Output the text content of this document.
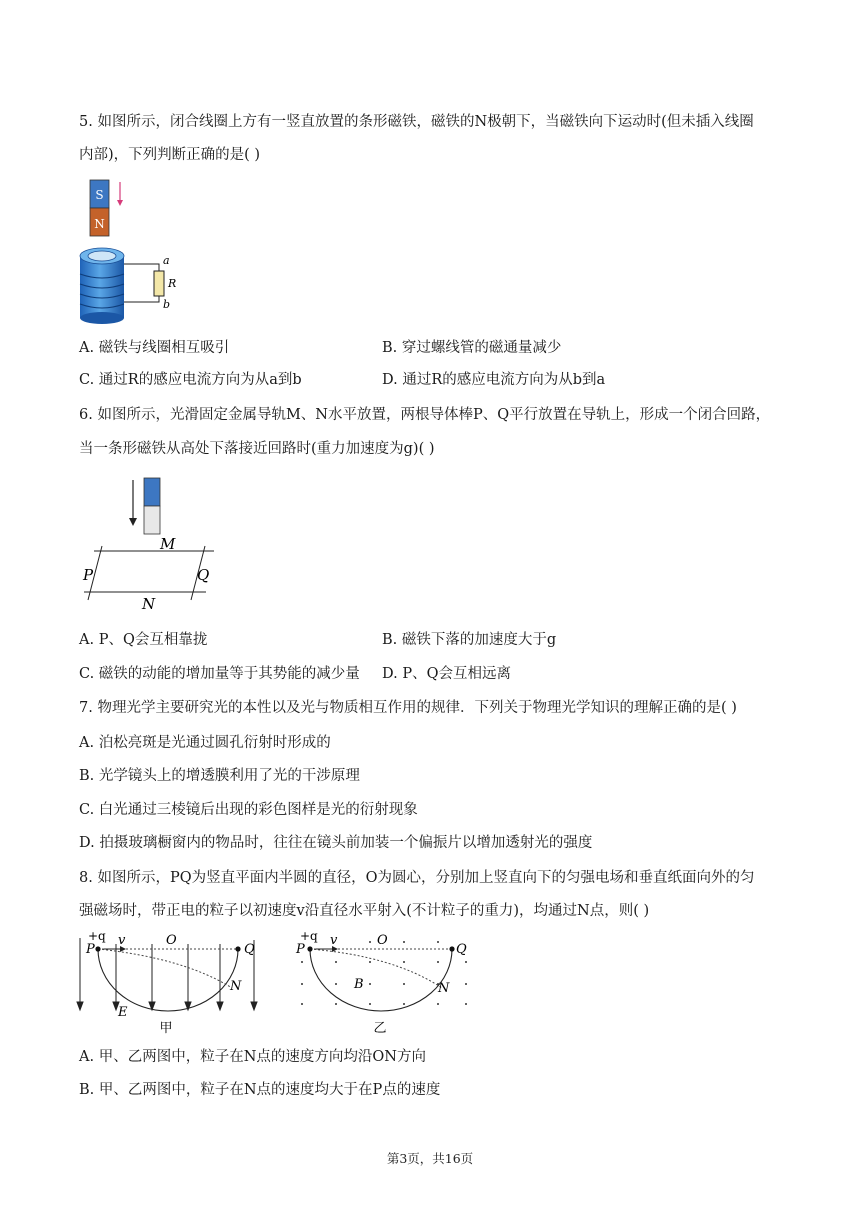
5. 如图所示，闭合线圈上方有一竖直放置的条形磁铁，磁铁的N极朝下，当磁铁向下运动时(但未插入线圈
内部)，下列判断正确的是( )
S
N
a
R
b
A. 磁铁与线圈相互吸引	B. 穿过螺线管的磁通量减少
C. 通过R的感应电流方向为从a到b	D. 通过R的感应电流方向为从b到a
6. 如图所示，光滑固定金属导轨M、N水平放置，两根导体棒P、Q平行放置在导轨上，形成一个闭合回路，
当一条形磁铁从高处下落接近回路时(重力加速度为g)( )
M
N
P	Q
A. P、Q会互相靠拢	B. 磁铁下落的加速度大于g
C. 磁铁的动能的增加量等于其势能的减少量 D. P、Q会互相远离
7. 物理光学主要研究光的本性以及光与物质相互作用的规律．下列关于物理光学知识的理解正确的是( )
A. 泊松亮斑是光通过圆孔衍射时形成的
B. 光学镜头上的增透膜利用了光的干涉原理
C. 白光通过三棱镜后出现的彩色图样是光的衍射现象
D. 拍摄玻璃橱窗内的物品时，往往在镜头前加装一个偏振片以增加透射光的强度
8. 如图所示，PQ为竖直平面内半圆的直径，O为圆心，分别加上竖直向下的匀强电场和垂直纸面向外的匀
强磁场时，带正电的粒子以初速度v沿直径水平射入(不计粒子的重力)，均通过N点，则( )
+q
P
v	O
Q
N
E
甲
+q
P
v	O
Q
N
B
乙
A. 甲、乙两图中，粒子在N点的速度方向均沿ON方向
B. 甲、乙两图中，粒子在N点的速度均大于在P点的速度
第3页，共16页
